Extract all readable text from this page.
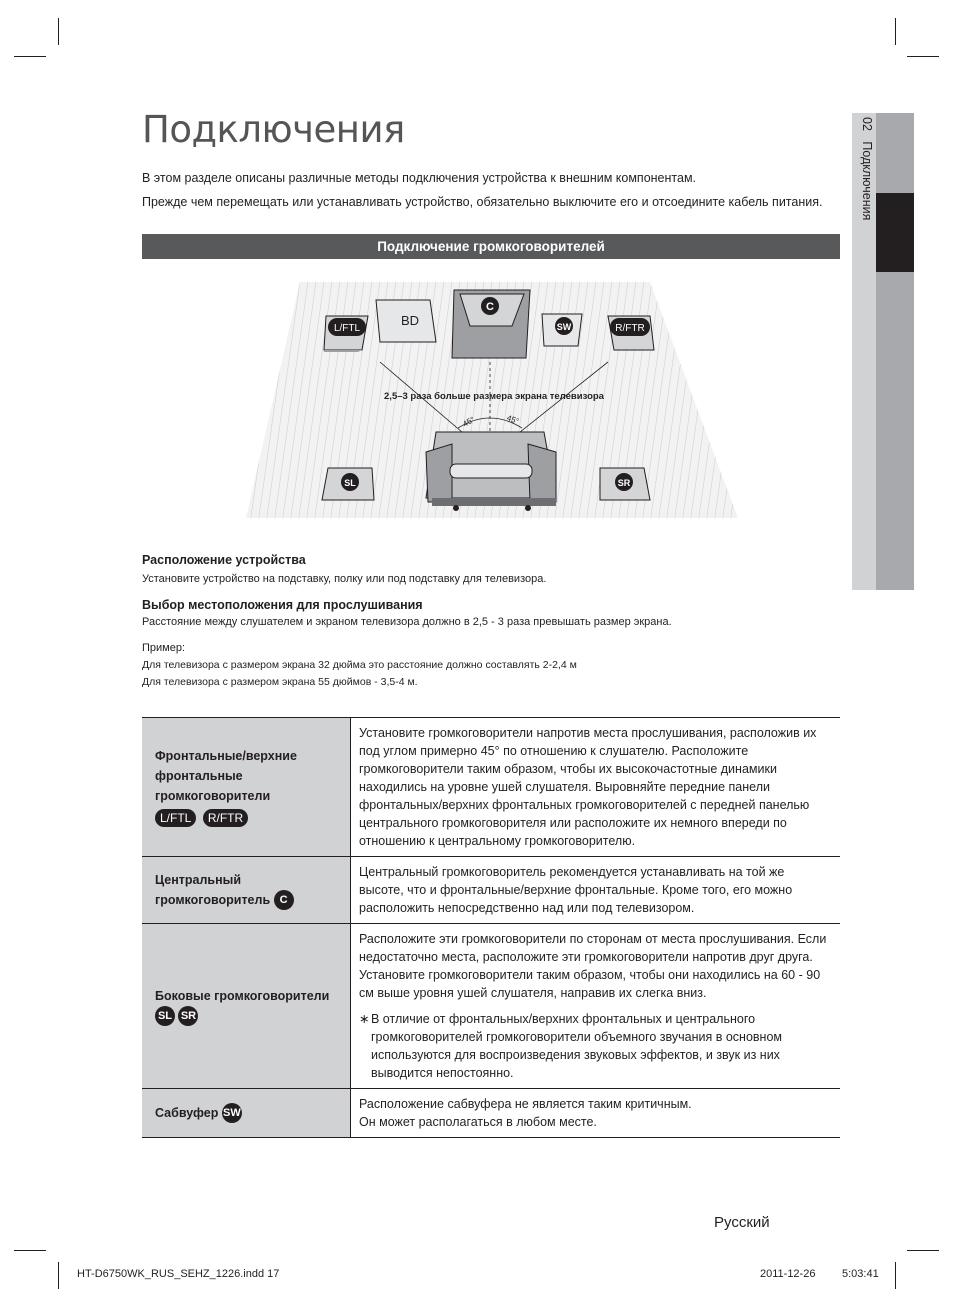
02   Подключения
Подключения
В этом разделе описаны различные методы подключения устройства к внешним компонентам.
Прежде чем перемещать или устанавливать устройство, обязательно выключите его и отсоедините кабель питания.
Подключение громкоговорителей
L/FTL
BD
C
SW	R/FTR
2,5–3 раза больше размера экрана телевизора
45°	45°
SL	SR
Расположение устройства
Установите устройство на подставку, полку или под подставку для телевизора.
Выбор местоположения для прослушивания
Расстояние между слушателем и экраном телевизора должно в 2,5 - 3 раза превышать размер экрана.
Пример:
Для телевизора с размером экрана 32 дюйма это расстояние должно составлять 2-2,4 м
Для телевизора с размером экрана 55 дюймов - 3,5-4 м.
Фронтальные/верхние фронтальные громкоговорители
L/FTL R/FTR	Установите громкоговорители напротив места прослушивания, расположив их под углом примерно 45° по отношению к слушателю. Расположите громкоговорители таким образом, чтобы их высокочастотные динамики находились на уровне ушей слушателя. Выровняйте передние панели фронтальных/верхних фронтальных громкоговорителей с передней панелью центрального громкоговорителя или расположите их немного впереди по отношению к центральному громкоговорителю.
Центральный громкоговоритель C	Центральный громкоговоритель рекомендуется устанавливать на той же высоте, что и фронтальные/верхние фронтальные. Кроме того, его можно расположить непосредственно над или под телевизором.
Боковые громкоговорители SL SR	Расположите эти громкоговорители по сторонам от места прослушивания. Если недостаточно места, расположите эти громкоговорители напротив друг друга. Установите громкоговорители таким образом, чтобы они находились на 60 - 90 см выше уровня ушей слушателя, направив их слегка вниз.
∗ В отличие от фронтальных/верхних фронтальных и центрального громкоговорителей громкоговорители объемного звучания в основном используются для воспроизведения звуковых эффектов, и звук из них выводится непостоянно.

Сабвуфер SW	Расположение сабвуфера не является таким критичным.
Он может располагаться в любом месте.
Русский
HT-D6750WK_RUS_SEHZ_1226.indd 17	2011-12-26 5:03:41
